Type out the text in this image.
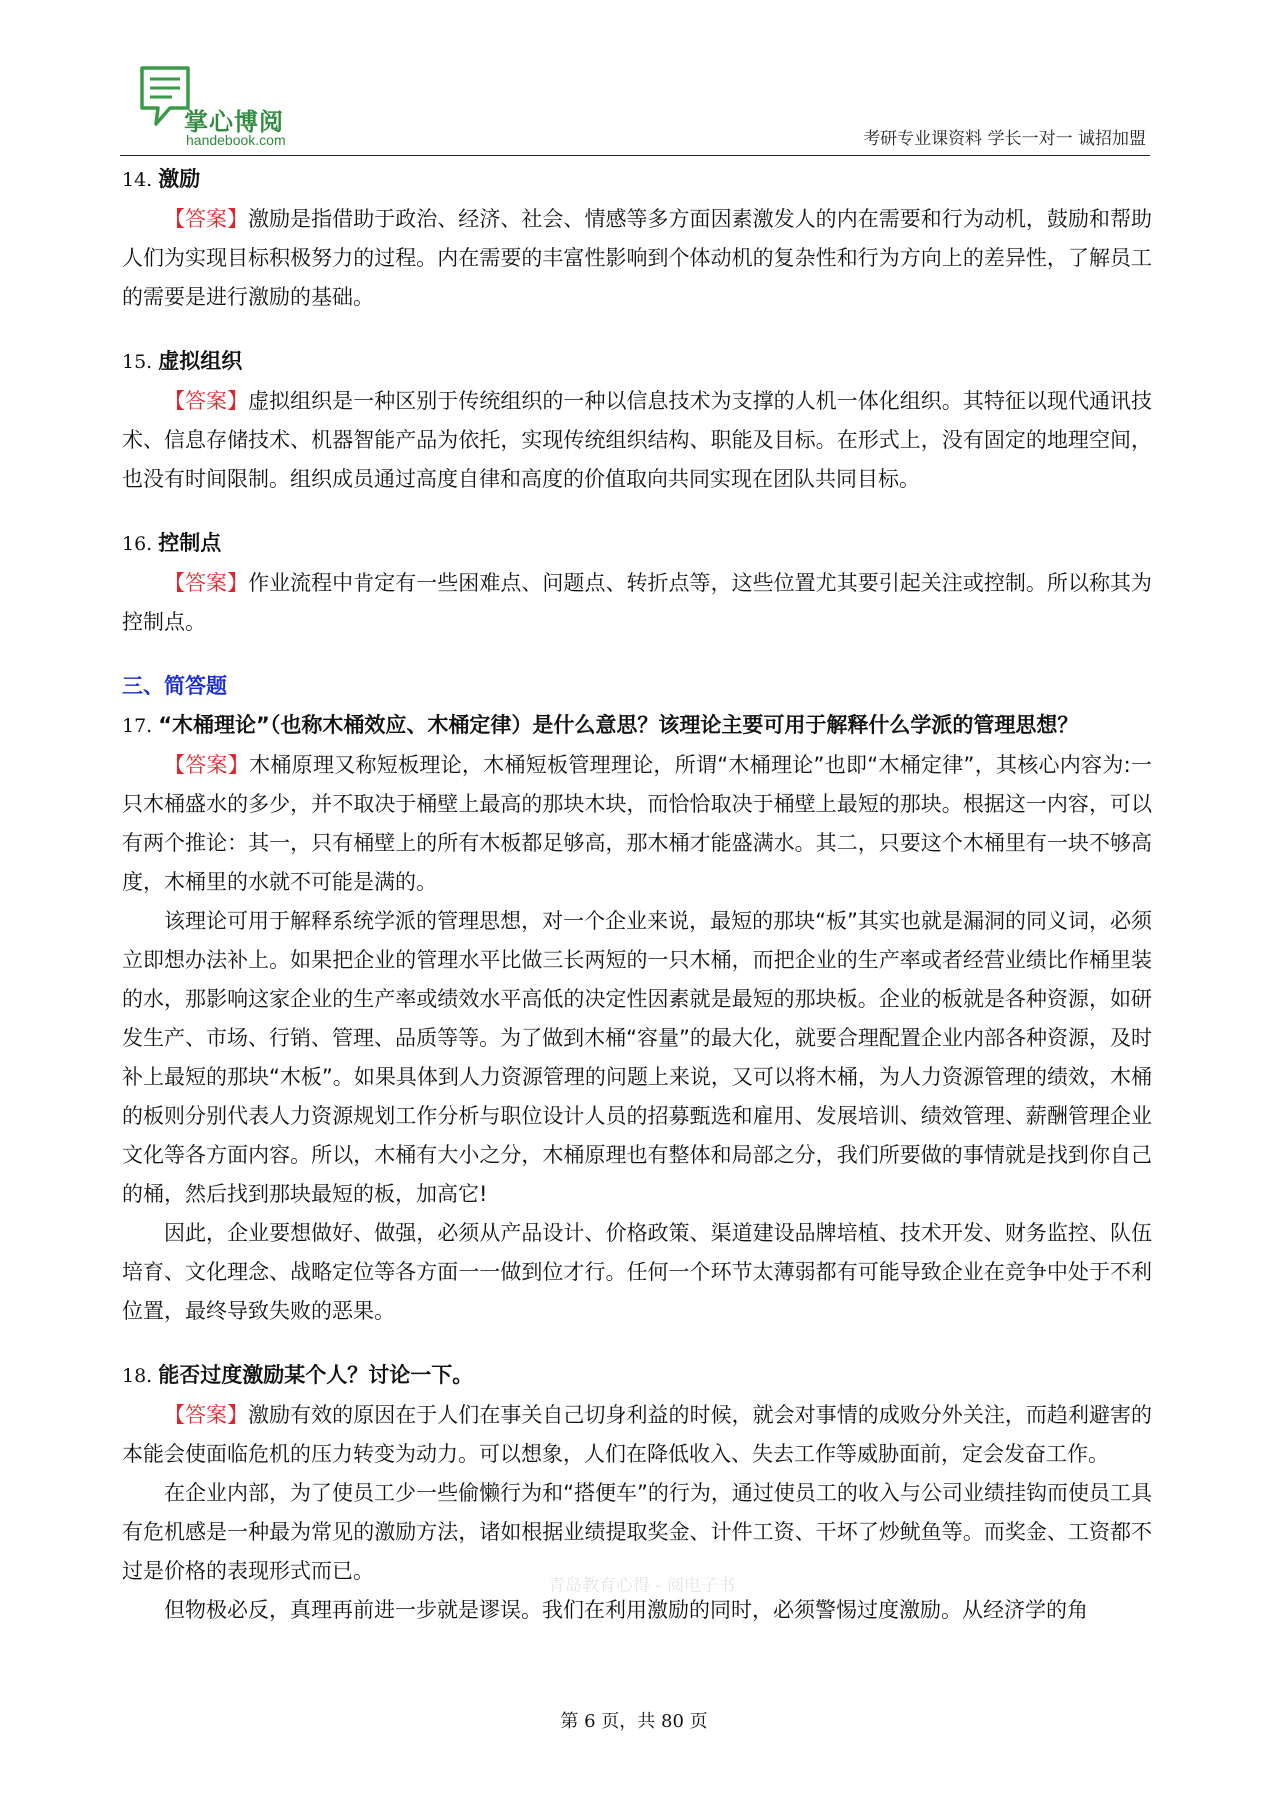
掌心博阅
handebook.com	考研专业课资料 学长一对一 诚招加盟
14. 激励

【答案】激励是指借助于政治、经济、社会、情感等多方面因素激发人的内在需要和行为动机，鼓励和帮助人们为实现目标积极努力的过程。内在需要的丰富性影响到个体动机的复杂性和行为方向上的差异性，了解员工的需要是进行激励的基础。

15. 虚拟组织

【答案】虚拟组织是一种区别于传统组织的一种以信息技术为支撑的人机一体化组织。其特征以现代通讯技术、信息存储技术、机器智能产品为依托，实现传统组织结构、职能及目标。在形式上，没有固定的地理空间，也没有时间限制。组织成员通过高度自律和高度的价值取向共同实现在团队共同目标。

16. 控制点

【答案】作业流程中肯定有一些困难点、问题点、转折点等，这些位置尤其要引起关注或控制。所以称其为控制点。

三、简答题
17. “木桶理论”（也称木桶效应、木桶定律）是什么意思？该理论主要可用于解释什么学派的管理思想？

【答案】木桶原理又称短板理论，木桶短板管理理论，所谓“木桶理论”也即“木桶定律”，其核心内容为:一只木桶盛水的多少，并不取决于桶壁上最高的那块木块，而恰恰取决于桶壁上最短的那块。根据这一内容，可以有两个推论：其一，只有桶壁上的所有木板都足够高，那木桶才能盛满水。其二，只要这个木桶里有一块不够高度，木桶里的水就不可能是满的。

该理论可用于解释系统学派的管理思想，对一个企业来说，最短的那块“板”其实也就是漏洞的同义词，必须立即想办法补上。如果把企业的管理水平比做三长两短的一只木桶，而把企业的生产率或者经营业绩比作桶里装的水，那影响这家企业的生产率或绩效水平高低的决定性因素就是最短的那块板。企业的板就是各种资源，如研发生产、市场、行销、管理、品质等等。为了做到木桶“容量”的最大化，就要合理配置企业内部各种资源，及时补上最短的那块“木板”。如果具体到人力资源管理的问题上来说，又可以将木桶，为人力资源管理的绩效，木桶的板则分别代表人力资源规划工作分析与职位设计人员的招募甄选和雇用、发展培训、绩效管理、薪酬管理企业文化等各方面内容。所以，木桶有大小之分，木桶原理也有整体和局部之分，我们所要做的事情就是找到你自己的桶，然后找到那块最短的板，加高它!

因此，企业要想做好、做强，必须从产品设计、价格政策、渠道建设品牌培植、技术开发、财务监控、队伍培育、文化理念、战略定位等各方面一一做到位才行。任何一个环节太薄弱都有可能导致企业在竞争中处于不利位置，最终导致失败的恶果。

18. 能否过度激励某个人？讨论一下。

【答案】激励有效的原因在于人们在事关自己切身利益的时候，就会对事情的成败分外关注，而趋利避害的本能会使面临危机的压力转变为动力。可以想象，人们在降低收入、失去工作等威胁面前，定会发奋工作。

在企业内部，为了使员工少一些偷懒行为和“搭便车”的行为，通过使员工的收入与公司业绩挂钩而使员工具有危机感是一种最为常见的激励方法，诸如根据业绩提取奖金、计件工资、干坏了炒鱿鱼等。而奖金、工资都不过是价格的表现形式而已。

但物极必反，真理再前进一步就是谬误。我们在利用激励的同时，必须警惕过度激励。从经济学的角

青岛教育心得 - 阅电子书
第 6 页，共 80 页
